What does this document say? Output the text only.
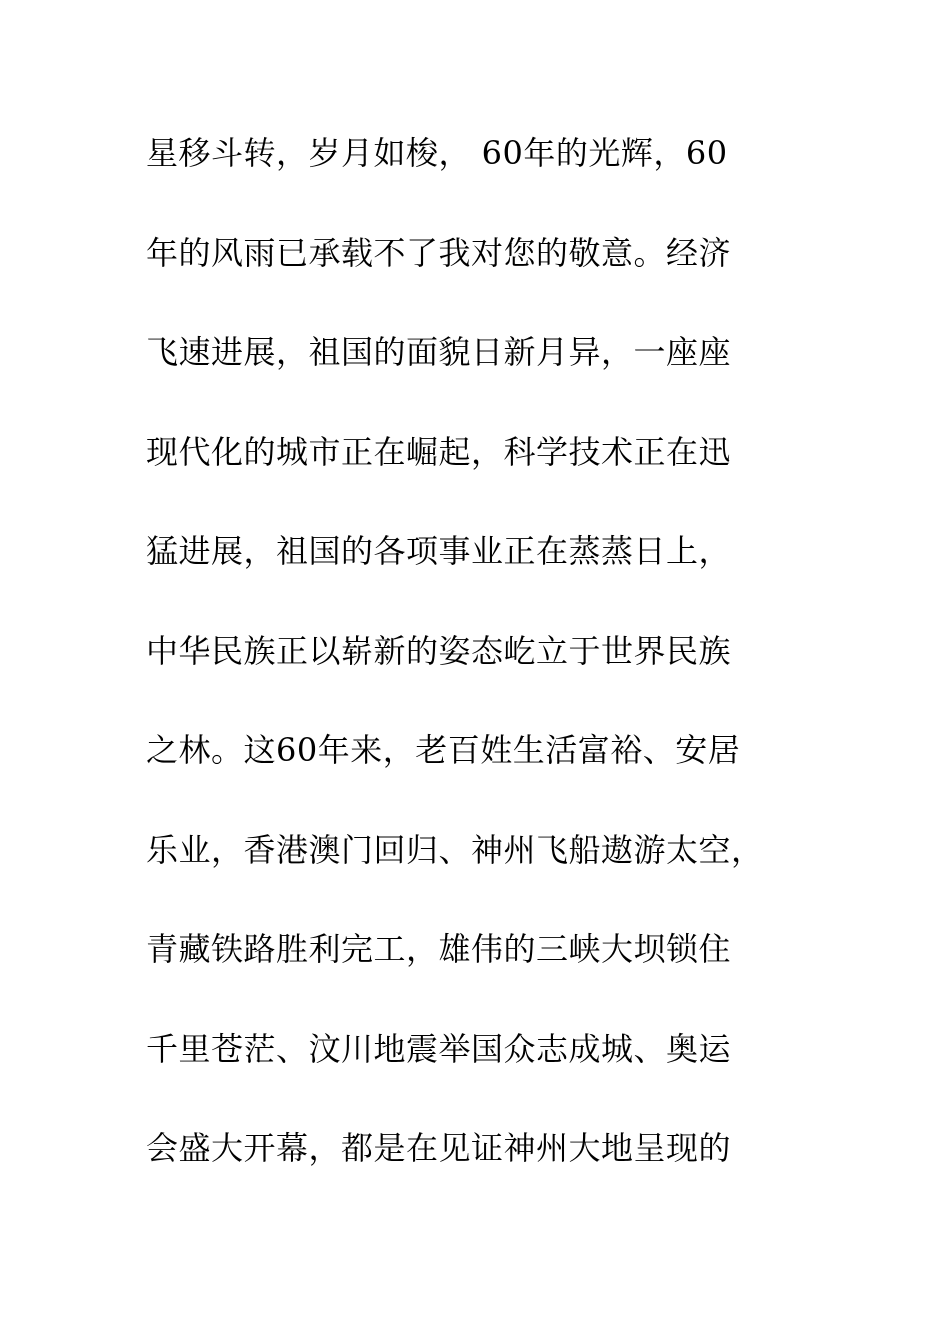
星移斗转，岁月如梭， 60年的光辉，60
年的风雨已承载不了我对您的敬意。经济
飞速进展，祖国的面貌日新月异，一座座
现代化的城市正在崛起，科学技术正在迅
猛进展，祖国的各项事业正在蒸蒸日上，
中华民族正以崭新的姿态屹立于世界民族
之林。这60年来，老百姓生活富裕、安居
乐业，香港澳门回归、神州飞船遨游太空，
青藏铁路胜利完工，雄伟的三峡大坝锁住
千里苍茫、汶川地震举国众志成城、奥运
会盛大开幕，都是在见证神州大地呈现的
